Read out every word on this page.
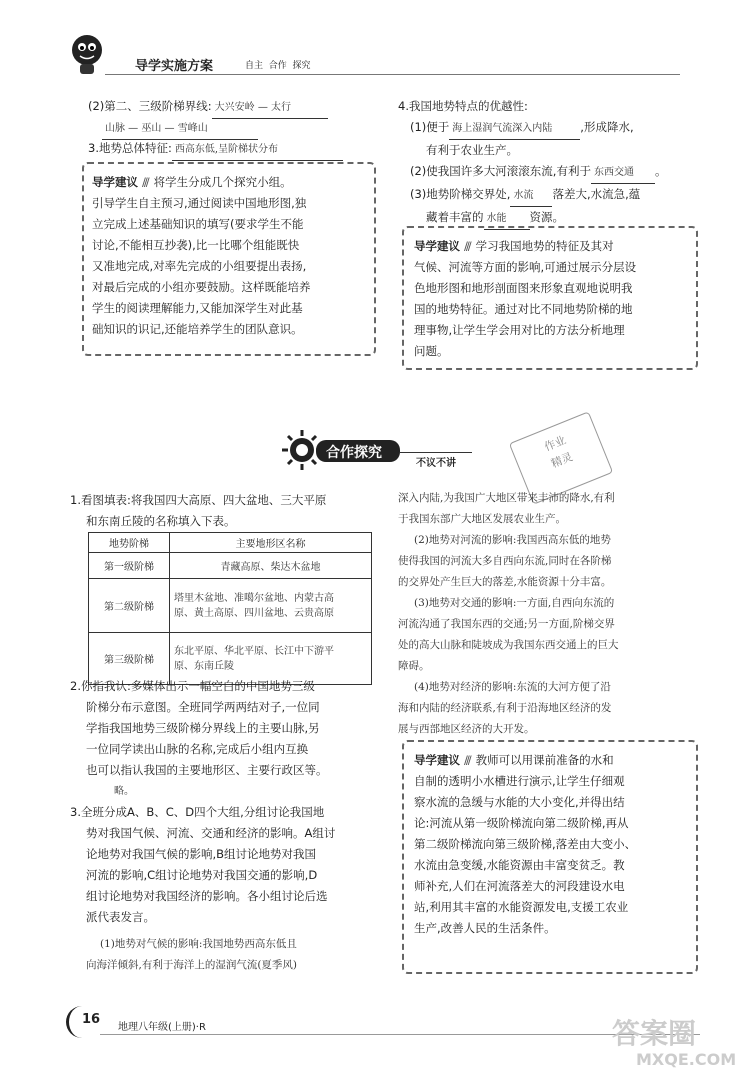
导学实施方案	自主  合作  探究
(2)第二、三级阶梯界线: 大兴安岭 — 太行
山脉 — 巫山 — 雪峰山
3.地势总体特征: 西高东低,呈阶梯状分布
导学建议 /// 将学生分成几个探究小组。
引导学生自主预习,通过阅读中国地形图,独
立完成上述基础知识的填写(要求学生不能
讨论,不能相互抄袭),比一比哪个组能既快
又准地完成,对率先完成的小组要提出表扬,
对最后完成的小组亦要鼓励。这样既能培养
学生的阅读理解能力,又能加深学生对此基
础知识的识记,还能培养学生的团队意识。
4.我国地势特点的优越性:
(1)便于 海上湿润气流深入内陆 ,形成降水,
有利于农业生产。
(2)使我国许多大河滚滚东流,有利于 东西交通 。
(3)地势阶梯交界处, 水流 落差大,水流急,蕴
藏着丰富的 水能 资源。
导学建议 /// 学习我国地势的特征及其对
气候、河流等方面的影响,可通过展示分层设
色地形图和地形剖面图来形象直观地说明我
国的地势特征。通过对比不同地势阶梯的地
理事物,让学生学会用对比的方法分析地理
问题。
合作探究
不议不讲
作业
精灵
1.看图填表:将我国四大高原、四大盆地、三大平原
和东南丘陵的名称填入下表。
地势阶梯	主要地形区名称
第一级阶梯	青藏高原、柴达木盆地
第二级阶梯	塔里木盆地、准噶尔盆地、内蒙古高
原、黄土高原、四川盆地、云贵高原

第三级阶梯	东北平原、华北平原、长江中下游平
原、东南丘陵
2.你指我认:多媒体出示一幅空白的中国地势三级
阶梯分布示意图。全班同学两两结对子,一位同
学指我国地势三级阶梯分界线上的主要山脉,另
一位同学读出山脉的名称,完成后小组内互换
也可以指认我国的主要地形区、主要行政区等。
略。
3.全班分成A、B、C、D四个大组,分组讨论我国地
势对我国气候、河流、交通和经济的影响。A组讨
论地势对我国气候的影响,B组讨论地势对我国
河流的影响,C组讨论地势对我国交通的影响,D
组讨论地势对我国经济的影响。各小组讨论后选
派代表发言。
(1)地势对气候的影响:我国地势西高东低且
向海洋倾斜,有利于海洋上的湿润气流(夏季风)
深入内陆,为我国广大地区带来丰沛的降水,有利
于我国东部广大地区发展农业生产。
(2)地势对河流的影响:我国西高东低的地势
使得我国的河流大多自西向东流,同时在各阶梯
的交界处产生巨大的落差,水能资源十分丰富。
(3)地势对交通的影响:一方面,自西向东流的
河流沟通了我国东西的交通;另一方面,阶梯交界
处的高大山脉和陡坡成为我国东西交通上的巨大
障碍。
(4)地势对经济的影响:东流的大河方便了沿
海和内陆的经济联系,有利于沿海地区经济的发
展与西部地区经济的大开发。
导学建议 /// 教师可以用课前准备的水和
自制的透明小水槽进行演示,让学生仔细观
察水流的急缓与水能的大小变化,并得出结
论:河流从第一级阶梯流向第二级阶梯,再从
第二级阶梯流向第三级阶梯,落差由大变小、
水流由急变缓,水能资源由丰富变贫乏。教
师补充,人们在河流落差大的河段建设水电
站,利用其丰富的水能资源发电,支援工农业
生产,改善人民的生活条件。
16
地理八年级(上册)·R	答案圈
MXQE.COM
